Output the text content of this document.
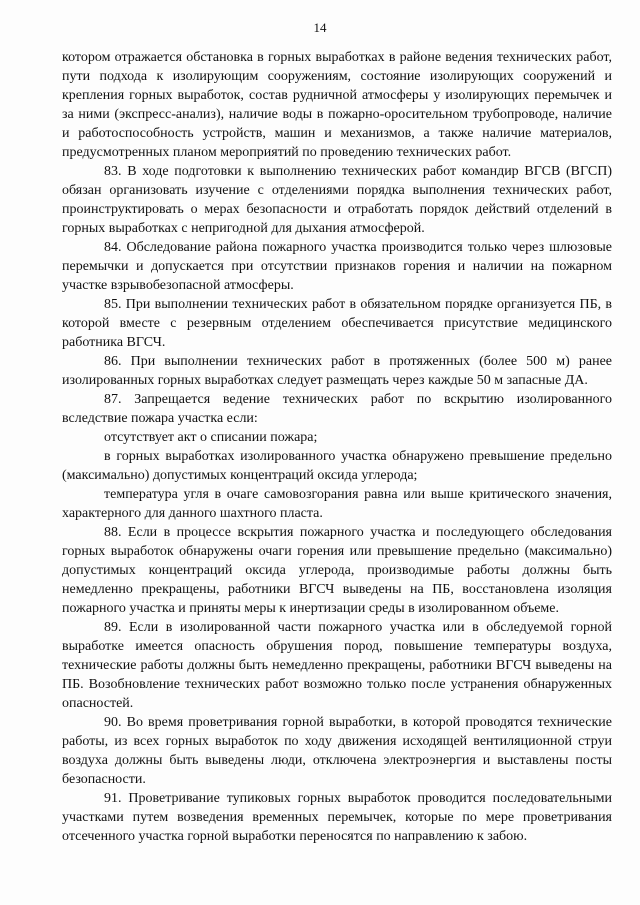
14

котором отражается обстановка в горных выработках в районе ведения технических работ, пути подхода к изолирующим сооружениям, состояние изолирующих сооружений и крепления горных выработок, состав рудничной атмосферы у изолирующих перемычек и за ними (экспресс-анализ), наличие воды в пожарно-оросительном трубопроводе, наличие и работоспособность устройств, машин и механизмов, а также наличие материалов, предусмотренных планом мероприятий по проведению технических работ.

83. В ходе подготовки к выполнению технических работ командир ВГСВ (ВГСП) обязан организовать изучение с отделениями порядка выполнения технических работ, проинструктировать о мерах безопасности и отработать порядок действий отделений в горных выработках с непригодной для дыхания атмосферой.

84. Обследование района пожарного участка производится только через шлюзовые перемычки и допускается при отсутствии признаков горения и наличии на пожарном участке взрывобезопасной атмосферы.

85. При выполнении технических работ в обязательном порядке организуется ПБ, в которой вместе с резервным отделением обеспечивается присутствие медицинского работника ВГСЧ.

86. При выполнении технических работ в протяженных (более 500 м) ранее изолированных горных выработках следует размещать через каждые 50 м запасные ДА.

87. Запрещается ведение технических работ по вскрытию изолированного вследствие пожара участка если:

отсутствует акт о списании пожара;

в горных выработках изолированного участка обнаружено превышение предельно (максимально) допустимых концентраций оксида углерода;

температура угля в очаге самовозгорания равна или выше критического значения, характерного для данного шахтного пласта.

88. Если в процессе вскрытия пожарного участка и последующего обследования горных выработок обнаружены очаги горения или превышение предельно (максимально) допустимых концентраций оксида углерода, производимые работы должны быть немедленно прекращены, работники ВГСЧ выведены на ПБ, восстановлена изоляция пожарного участка и приняты меры к инертизации среды в изолированном объеме.

89. Если в изолированной части пожарного участка или в обследуемой горной выработке имеется опасность обрушения пород, повышение температуры воздуха, технические работы должны быть немедленно прекращены, работники ВГСЧ выведены на ПБ. Возобновление технических работ возможно только после устранения обнаруженных опасностей.

90. Во время проветривания горной выработки, в которой проводятся технические работы, из всех горных выработок по ходу движения исходящей вентиляционной струи воздуха должны быть выведены люди, отключена электроэнергия и выставлены посты безопасности.

91. Проветривание тупиковых горных выработок проводится последовательными участками путем возведения временных перемычек, которые по мере проветривания отсеченного участка горной выработки переносятся по направлению к забою.
